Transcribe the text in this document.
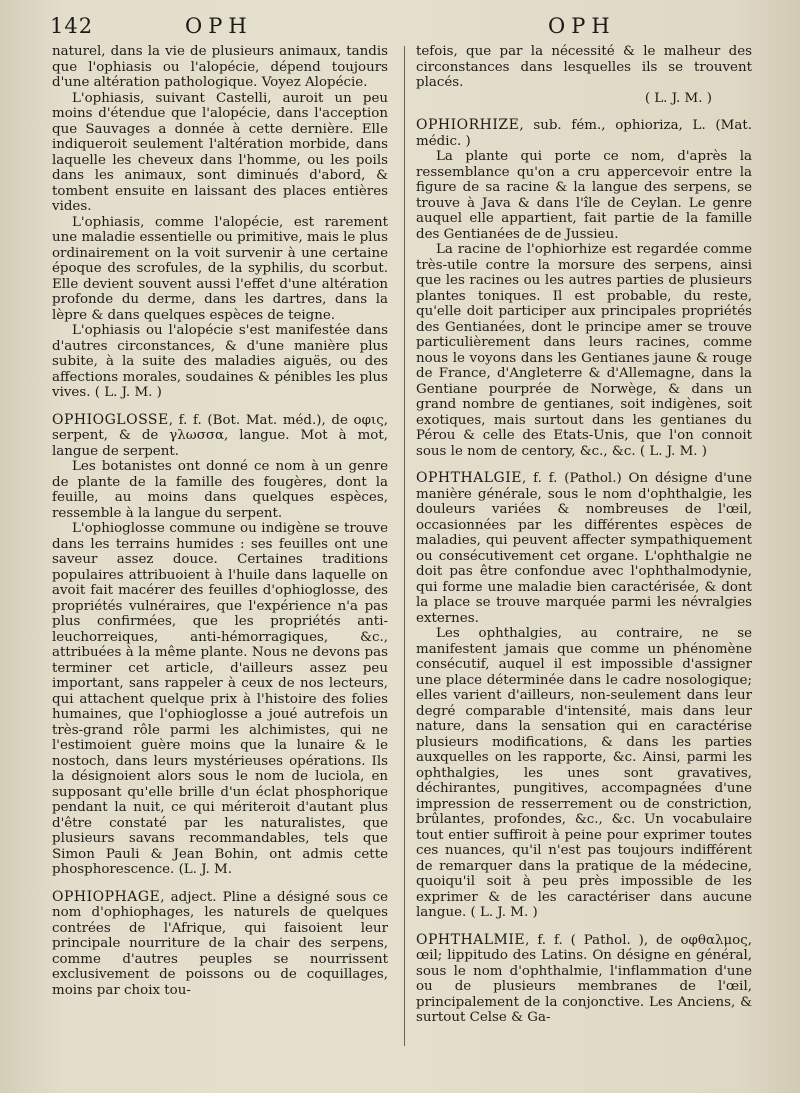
142	OPH	OPH

naturel, dans la vie de plusieurs animaux, tandis que l'ophiasis ou l'alopécie, dépend toujours d'une altération pathologique. Voyez Alopécie.

L'ophiasis, suivant Castelli, auroit un peu moins d'étendue que l'alopécie, dans l'acception que Sauvages a donnée à cette dernière. Elle indiqueroit seulement l'altération morbide, dans laquelle les cheveux dans l'homme, ou les poils dans les animaux, sont diminués d'abord, & tombent ensuite en laissant des places entières vides.

L'ophiasis, comme l'alopécie, est rarement une maladie essentielle ou primitive, mais le plus ordinairement on la voit survenir à une certaine époque des scrofules, de la syphilis, du scorbut. Elle devient souvent aussi l'effet d'une altération profonde du derme, dans les dartres, dans la lèpre & dans quelques espèces de teigne.

L'ophiasis ou l'alopécie s'est manifestée dans d'autres circonstances, & d'une manière plus subite, à la suite des maladies aiguës, ou des affections morales, soudaines & pénibles les plus vives. ( L. J. M. )

OPHIOGLOSSE, f. f. (Bot. Mat. méd.), de οφις, serpent, & de γλωσσα, langue. Mot à mot, langue de serpent.

Les botanistes ont donné ce nom à un genre de plante de la famille des fougères, dont la feuille, au moins dans quelques espèces, ressemble à la langue du serpent.

L'ophioglosse commune ou indigène se trouve dans les terrains humides : ses feuilles ont une saveur assez douce. Certaines traditions populaires attribuoient à l'huile dans laquelle on avoit fait macérer des feuilles d'ophioglosse, des propriétés vulnéraires, que l'expérience n'a pas plus confirmées, que les propriétés anti-leuchorreiques, anti-hémorragiques, &c., attribuées à la même plante. Nous ne devons pas terminer cet article, d'ailleurs assez peu important, sans rappeler à ceux de nos lecteurs, qui attachent quelque prix à l'histoire des folies humaines, que l'ophioglosse a joué autrefois un très-grand rôle parmi les alchimistes, qui ne l'estimoient guère moins que la lunaire & le nostoch, dans leurs mystérieuses opérations. Ils la désignoient alors sous le nom de luciola, en supposant qu'elle brille d'un éclat phosphorique pendant la nuit, ce qui mériteroit d'autant plus d'être constaté par les naturalistes, que plusieurs savans recommandables, tels que Simon Pauli & Jean Bohin, ont admis cette phosphorescence. (L. J. M.

OPHIOPHAGE, adject. Pline a désigné sous ce nom d'ophiophages, les naturels de quelques contrées de l'Afrique, qui faisoient leur principale nourriture de la chair des serpens, comme d'autres peuples se nourrissent exclusivement de poissons ou de coquillages, moins par choix tou-

tefois, que par la nécessité & le malheur des circonstances dans lesquelles ils se trouvent placés.

( L. J. M. )

OPHIORHIZE, sub. fém., ophioriza, L. (Mat. médic. )

La plante qui porte ce nom, d'après la ressemblance qu'on a cru appercevoir entre la figure de sa racine & la langue des serpens, se trouve à Java & dans l'île de Ceylan. Le genre auquel elle appartient, fait partie de la famille des Gentianées de de Jussieu.

La racine de l'ophiorhize est regardée comme très-utile contre la morsure des serpens, ainsi que les racines ou les autres parties de plusieurs plantes toniques. Il est probable, du reste, qu'elle doit participer aux principales propriétés des Gentianées, dont le principe amer se trouve particulièrement dans leurs racines, comme nous le voyons dans les Gentianes jaune & rouge de France, d'Angleterre & d'Allemagne, dans la Gentiane pourprée de Norwège, & dans un grand nombre de gentianes, soit indigènes, soit exotiques, mais surtout dans les gentianes du Pérou & celle des Etats-Unis, que l'on connoit sous le nom de centory, &c., &c. ( L. J. M. )

OPHTHALGIE, f. f. (Pathol.) On désigne d'une manière générale, sous le nom d'ophthalgie, les douleurs variées & nombreuses de l'œil, occasionnées par les différentes espèces de maladies, qui peuvent affecter sympathiquement ou consécutivement cet organe. L'ophthalgie ne doit pas être confondue avec l'ophthalmodynie, qui forme une maladie bien caractérisée, & dont la place se trouve marquée parmi les névralgies externes.

Les ophthalgies, au contraire, ne se manifestent jamais que comme un phénomène consécutif, auquel il est impossible d'assigner une place déterminée dans le cadre nosologique; elles varient d'ailleurs, non-seulement dans leur degré comparable d'intensité, mais dans leur nature, dans la sensation qui en caractérise plusieurs modifications, & dans les parties auxquelles on les rapporte, &c. Ainsi, parmi les ophthalgies, les unes sont gravatives, déchirantes, pungitives, accompagnées d'une impression de resserrement ou de constriction, brûlantes, profondes, &c., &c. Un vocabulaire tout entier suffiroit à peine pour exprimer toutes ces nuances, qu'il n'est pas toujours indifférent de remarquer dans la pratique de la médecine, quoiqu'il soit à peu près impossible de les exprimer & de les caractériser dans aucune langue. ( L. J. M. )

OPHTHALMIE, f. f. ( Pathol. ), de οφθαλμος, œil; lippitudo des Latins. On désigne en général, sous le nom d'ophthalmie, l'inflammation d'une ou de plusieurs membranes de l'œil, principalement de la conjonctive. Les Anciens, & surtout Celse & Ga-
